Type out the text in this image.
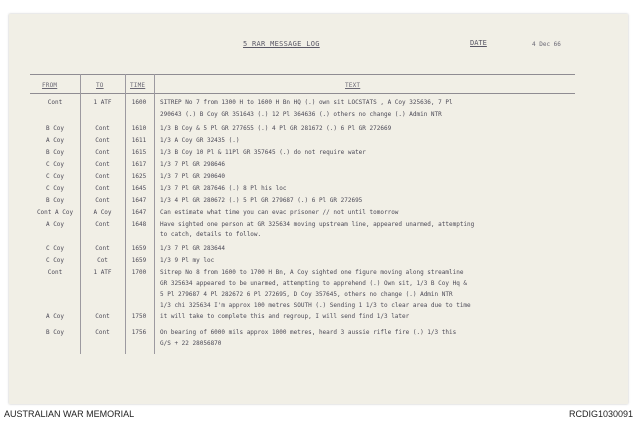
5 RAR MESSAGE LOG	DATE	4 Dec 66
FROM	TO	TIME	TEXT
Cont	1 ATF	1600	SITREP No 7 from 1300 H to 1600 H Bn HQ (.) own sit LOCSTATS , A Coy 325636, 7 Pl
290643 (.) B Coy GR 351643 (.) 12 Pl 364636 (.) others no change (.) Admin NTR
B Coy	Cont	1610	1/3 B Coy & 5 Pl GR 277655 (.) 4 Pl GR 281672 (.) 6 Pl GR 272669
A Coy	Cont	1611	1/3 A Coy GR 32435 (.)
B Coy	Cont	1615	1/3 B Coy 10 Pl & 11Pl GR 357645 (.) do not require water
C Coy	Cont	1617	1/3 7 Pl GR 298646
C Coy	Cont	1625	1/3 7 Pl GR 290640
C Coy	Cont	1645	1/3 7 Pl GR 287646 (.) 8 Pl his loc
B Coy	Cont	1647	1/3 4 Pl GR 280672 (.) 5 Pl GR 279687 (.) 6 Pl GR 272695
Cont A Coy	A Coy	1647	Can estimate what time you can evac prisoner // not until tomorrow
A Coy	Cont	1648	Have sighted one person at GR 325634 moving upstream line, appeared unarmed, attempting
to catch, details to follow.
C Coy	Cont	1659	1/3 7 Pl GR 283644
C Coy	Cot	1659	1/3 9 Pl my loc
Cont	1 ATF	1700	Sitrep No 8 from 1600 to 1700 H Bn, A Coy sighted one figure moving along streamline
GR 325634 appeared to be unarmed, attempting to apprehend (.) Own sit, 1/3 B Coy Hq &
5 Pl 279687 4 Pl 282672 6 Pl 272695, D Coy 357645, others no change (.) Admin NTR
1/3 chi 325634 I'm approx 100 metres SOUTH (.) Sending 1 1/3 to clear area due to time
A Coy	Cont	1750	it will take to complete this and regroup, I will send find 1/3 later
B Coy	Cont	1756	On bearing of 6000 mils approx 1000 metres, heard 3 aussie rifle fire (.) 1/3 this
G/S + 22 28056870
AUSTRALIAN WAR MEMORIAL	RCDIG1030091
